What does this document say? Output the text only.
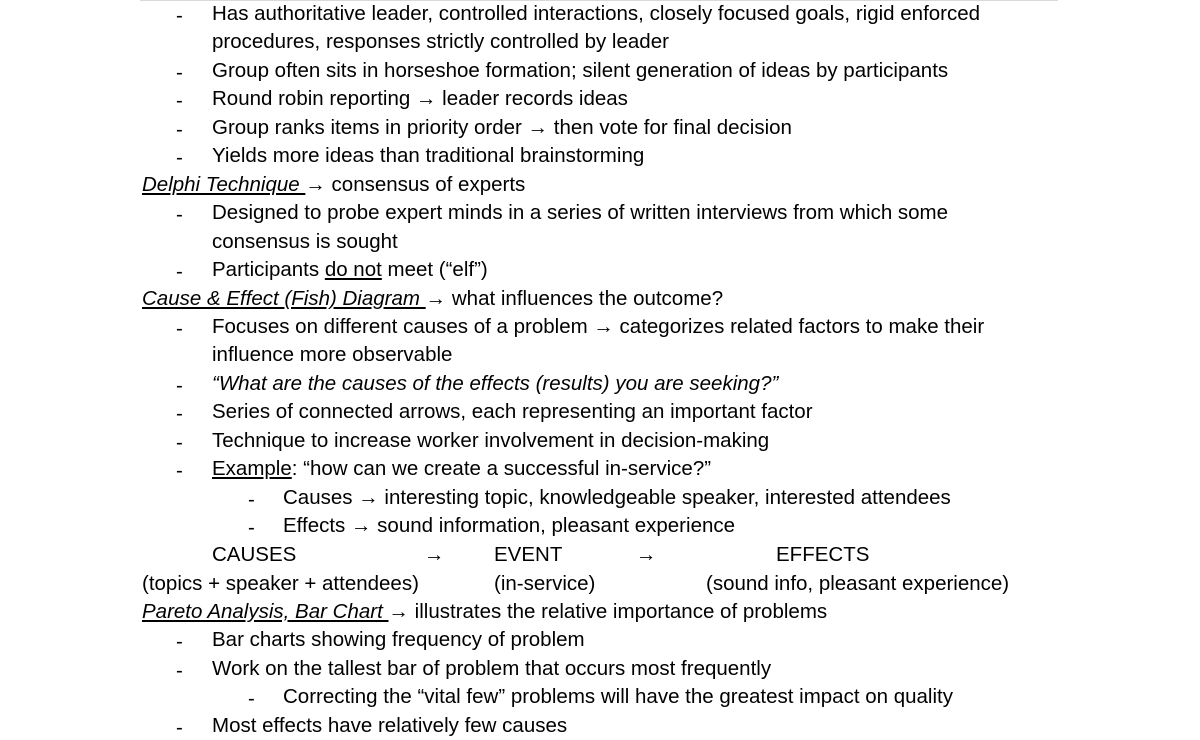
- Has authoritative leader, controlled interactions, closely focused goals, rigid enforced
procedures, responses strictly controlled by leader
- Group often sits in horseshoe formation; silent generation of ideas by participants
- Round robin reporting → leader records ideas
- Group ranks items in priority order → then vote for final decision
- Yields more ideas than traditional brainstorming
Delphi Technique → consensus of experts
- Designed to probe expert minds in a series of written interviews from which some
consensus is sought
- Participants do not meet (“elf”)
Cause & Effect (Fish) Diagram → what influences the outcome?
- Focuses on different causes of a problem → categorizes related factors to make their
influence more observable
- “What are the causes of the effects (results) you are seeking?”
- Series of connected arrows, each representing an important factor
- Technique to increase worker involvement in decision-making
- Example: “how can we create a successful in-service?”
- Causes → interesting topic, knowledgeable speaker, interested attendees
- Effects → sound information, pleasant experience
CAUSES	→ EVENT	→	EFFECTS
(topics + speaker + attendees)	(in-service)	(sound info, pleasant experience)
Pareto Analysis, Bar Chart → illustrates the relative importance of problems
- Bar charts showing frequency of problem
- Work on the tallest bar of problem that occurs most frequently
- Correcting the “vital few” problems will have the greatest impact on quality
- Most effects have relatively few causes
